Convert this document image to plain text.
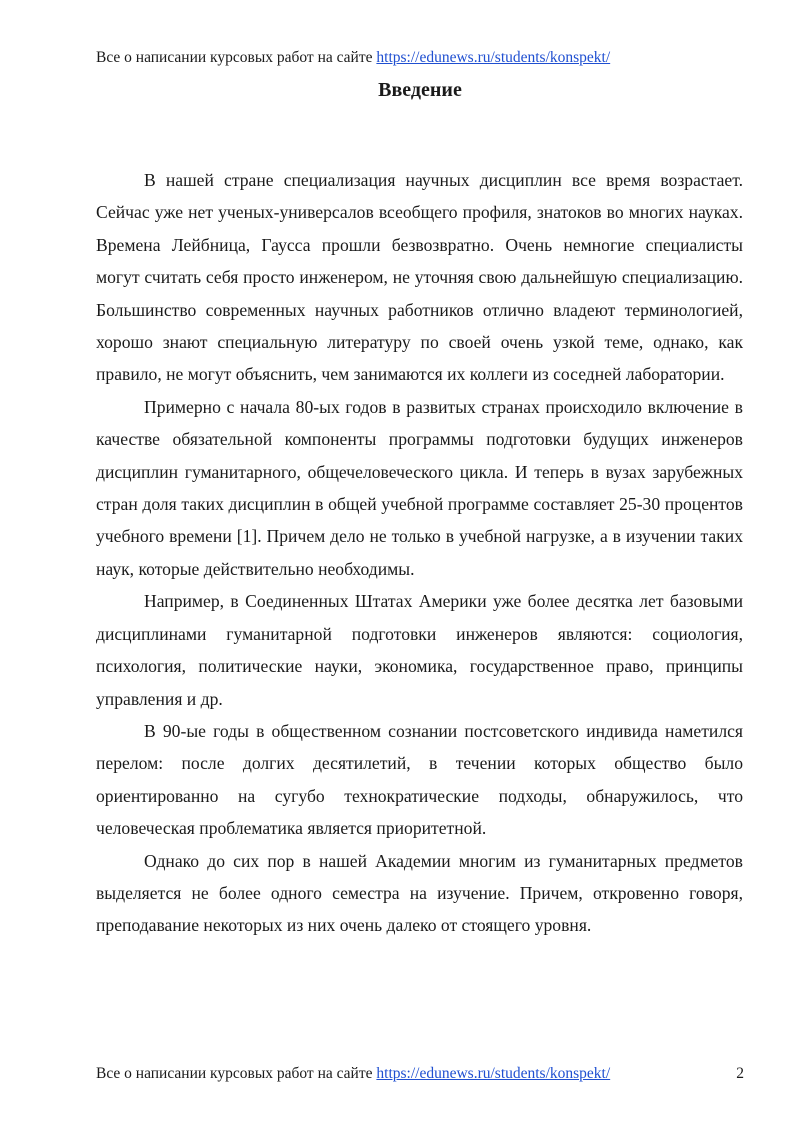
Все о написании курсовых работ на сайте https://edunews.ru/students/konspekt/
Введение

В нашей стране специализация научных дисциплин все время возрастает. Сейчас уже нет ученых-универсалов всеобщего профиля, знатоков во многих науках. Времена Лейбница, Гаусса прошли безвозвратно. Очень немногие специалисты могут считать себя просто инженером, не уточняя свою дальнейшую специализацию. Большинство современных научных работников отлично владеют терминологией, хорошо знают специальную литературу по своей очень узкой теме, однако, как правило, не могут объяснить, чем занимаются их коллеги из соседней лаборатории.

Примерно с начала 80-ых годов в развитых странах происходило включение в качестве обязательной компоненты программы подготовки будущих инженеров дисциплин гуманитарного, общечеловеческого цикла. И теперь в вузах зарубежных стран доля таких дисциплин в общей учебной программе составляет 25-30 процентов учебного времени [1]. Причем дело не только в учебной нагрузке, а в изучении таких наук, которые действительно необходимы.

Например, в Соединенных Штатах Америки уже более десятка лет базовыми дисциплинами гуманитарной подготовки инженеров являются: социология, психология, политические науки, экономика, государственное право, принципы управления и др.

В 90-ые годы в общественном сознании постсоветского индивида наметился перелом: после долгих десятилетий, в течении которых общество было ориентированно на сугубо технократические подходы, обнаружилось, что человеческая проблематика является приоритетной.

Однако до сих пор в нашей Академии многим из гуманитарных предметов выделяется не более одного семестра на изучение. Причем, откровенно говоря, преподавание некоторых из них очень далеко от стоящего уровня.

Все о написании курсовых работ на сайте https://edunews.ru/students/konspekt/	2
